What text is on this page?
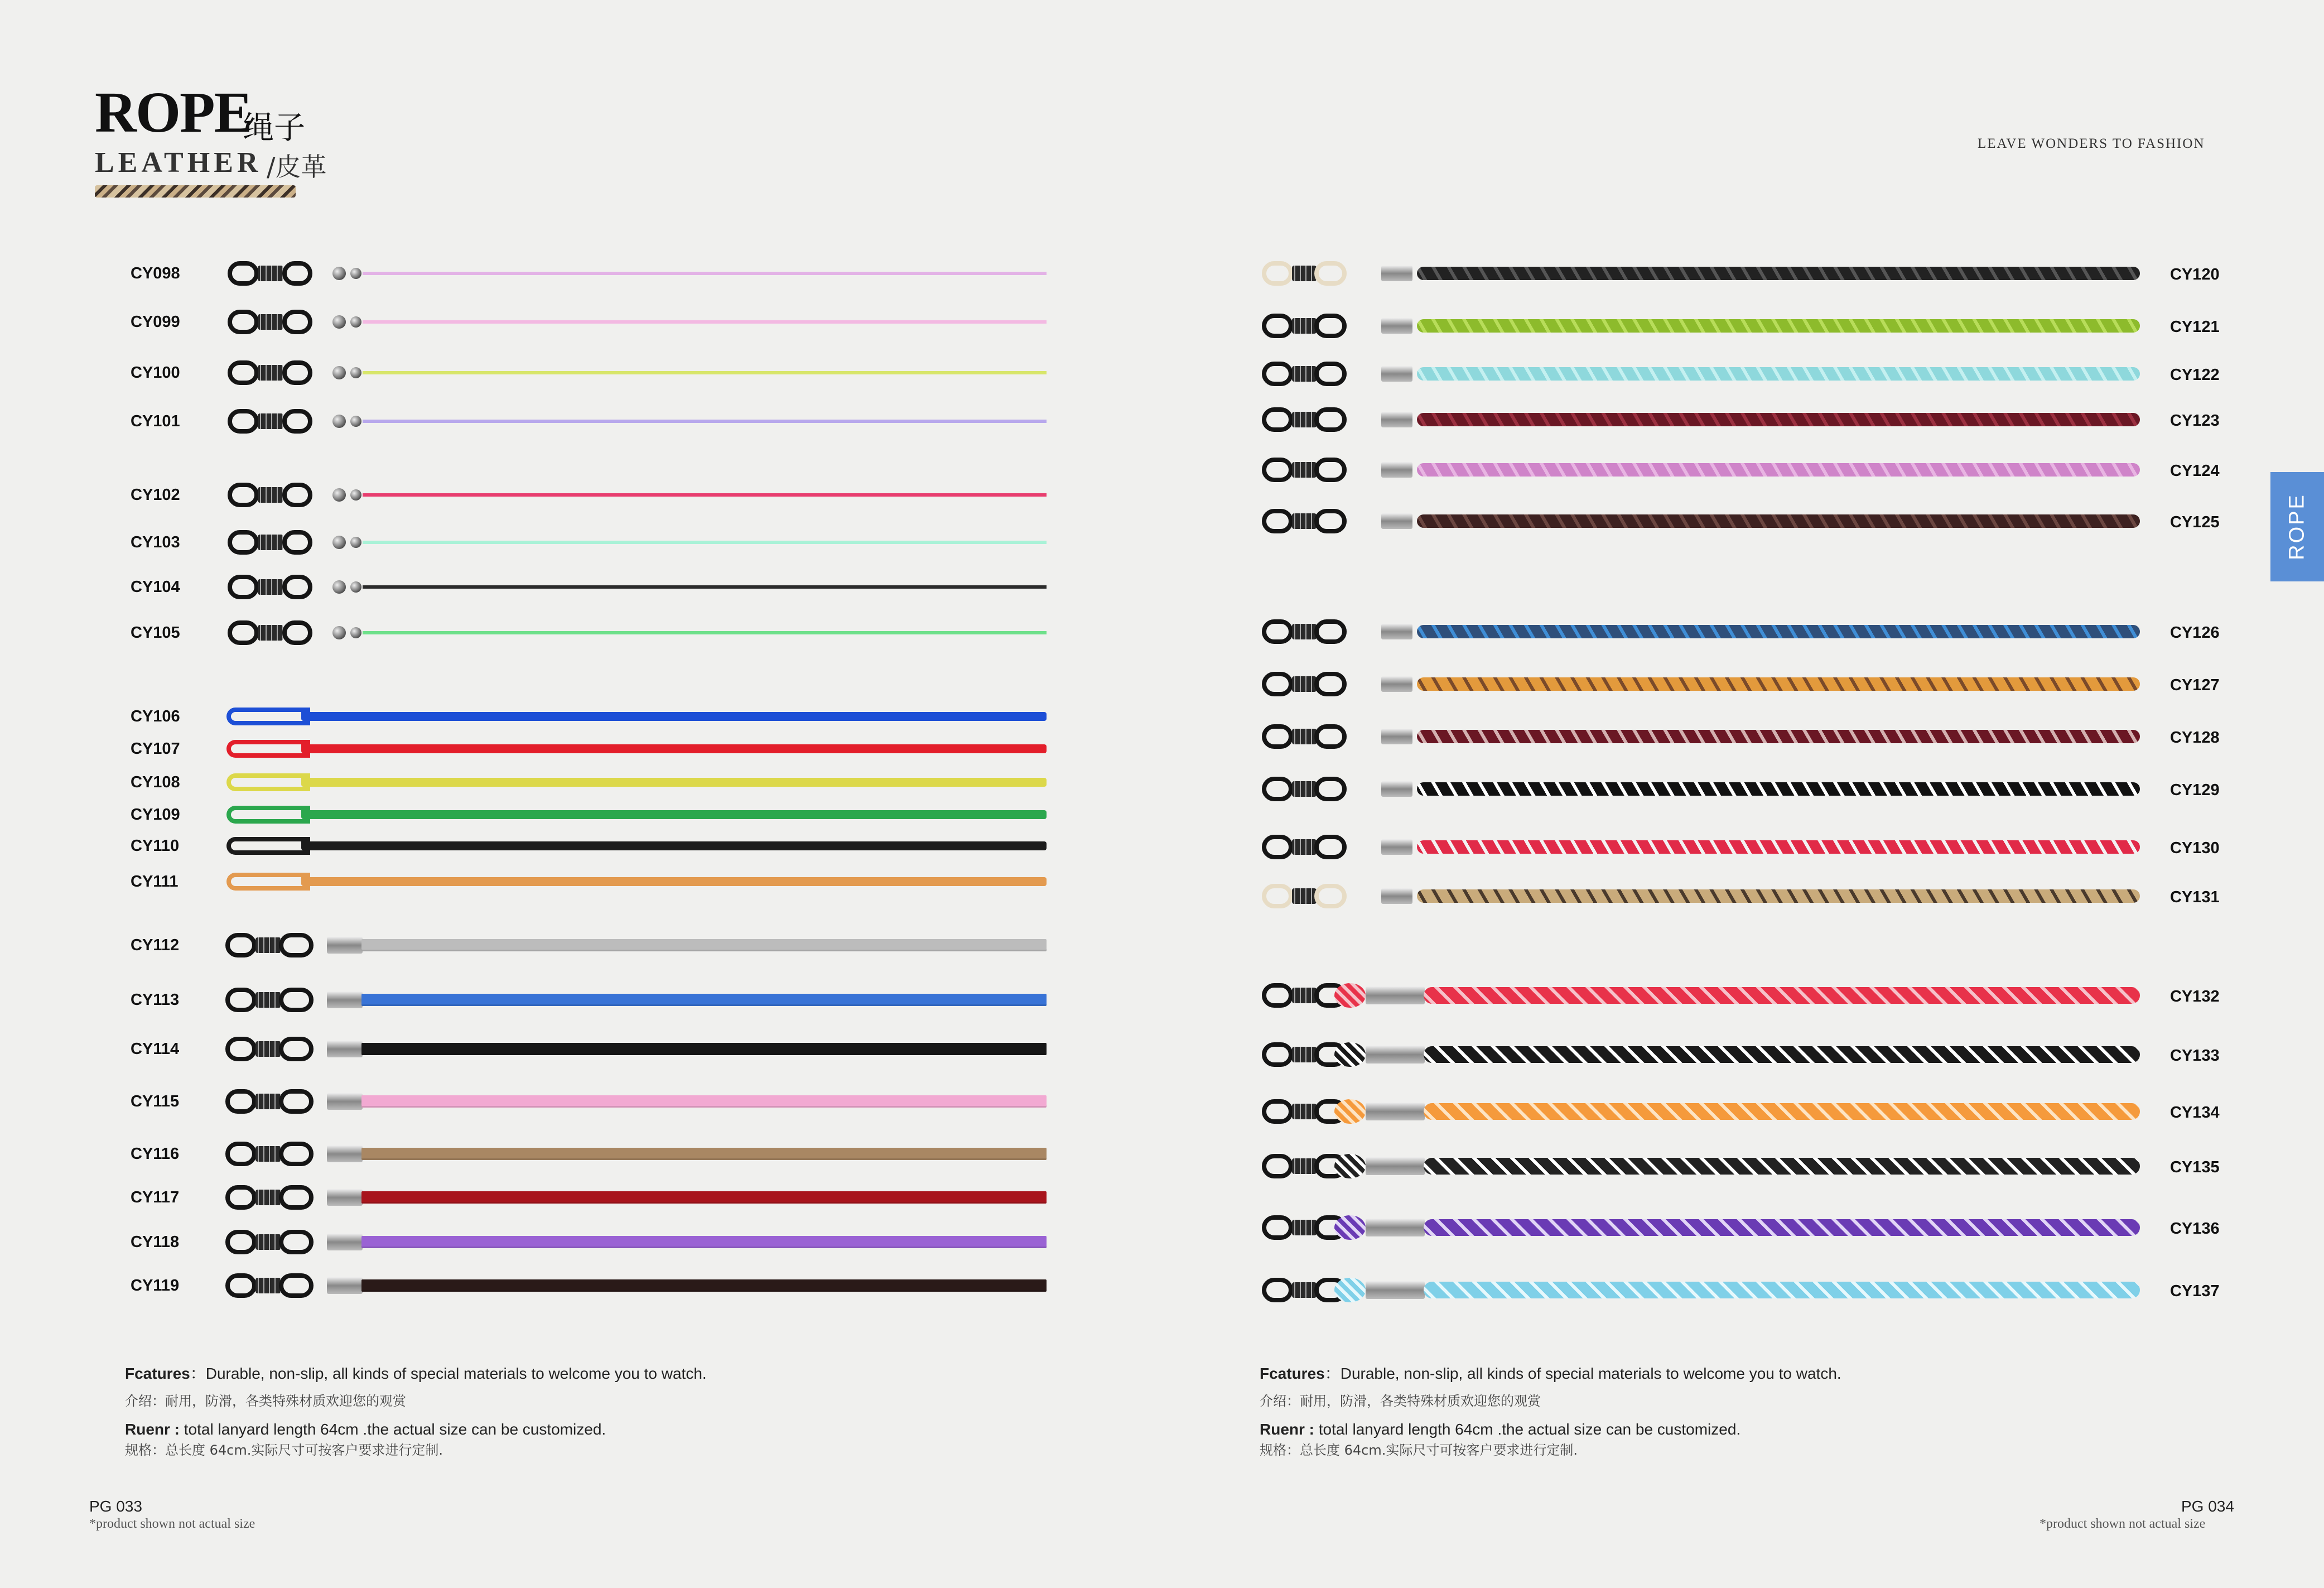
ROPE
绳子
LEATHER /皮革
LEAVE WONDERS TO FASHION
ROPE
CY098
CY099
CY100
CY101
CY102
CY103
CY104
CY105
CY106
CY107
CY108
CY109
CY110
CY111
CY112
CY113
CY114
CY115
CY116
CY117
CY118
CY119
CY120
CY121
CY122
CY123
CY124
CY125
CY126
CY127
CY128
CY129
CY130
CY131
CY132
CY133
CY134
CY135
CY136
CY137
Fcatures：Durable, non-slip, all kinds of special materials to welcome you to watch.
介绍：耐用，防滑，各类特殊材质欢迎您的观赏
Ruenr : total lanyard length 64cm .the actual size can be customized.
规格：总长度 64cm.实际尺寸可按客户要求进行定制.
PG 033
*product shown not actual size
Fcatures：Durable, non-slip, all kinds of special materials to welcome you to watch.
介绍：耐用，防滑，各类特殊材质欢迎您的观赏
Ruenr : total lanyard length 64cm .the actual size can be customized.
规格：总长度 64cm.实际尺寸可按客户要求进行定制.
PG 034
*product shown not actual size
